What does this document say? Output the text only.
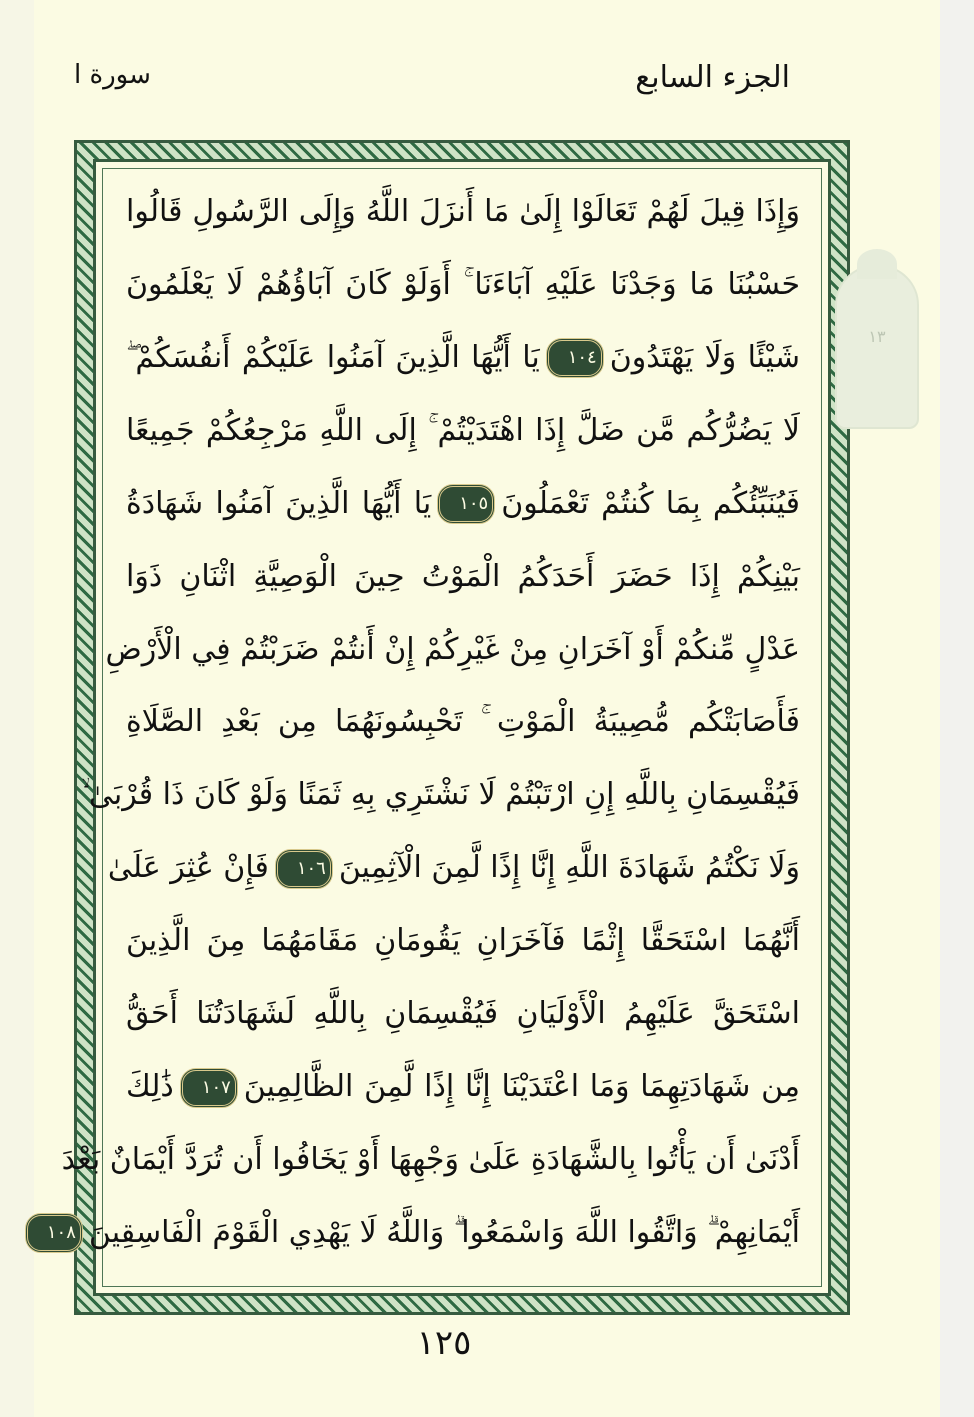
الجزء السابع
سورة ا
وَإِذَا قِيلَ لَهُمْ تَعَالَوْا إِلَىٰ مَا أَنزَلَ اللَّهُ وَإِلَى الرَّسُولِ قَالُوا
حَسْبُنَا مَا وَجَدْنَا عَلَيْهِ آبَاءَنَا ۚ أَوَلَوْ كَانَ آبَاؤُهُمْ لَا يَعْلَمُونَ
شَيْئًا وَلَا يَهْتَدُونَ١٠٤يَا أَيُّهَا الَّذِينَ آمَنُوا عَلَيْكُمْ أَنفُسَكُمْ ۖ
لَا يَضُرُّكُم مَّن ضَلَّ إِذَا اهْتَدَيْتُمْ ۚ إِلَى اللَّهِ مَرْجِعُكُمْ جَمِيعًا
فَيُنَبِّئُكُم بِمَا كُنتُمْ تَعْمَلُونَ١٠٥يَا أَيُّهَا الَّذِينَ آمَنُوا شَهَادَةُ
بَيْنِكُمْ إِذَا حَضَرَ أَحَدَكُمُ الْمَوْتُ حِينَ الْوَصِيَّةِ اثْنَانِ ذَوَا
عَدْلٍ مِّنكُمْ أَوْ آخَرَانِ مِنْ غَيْرِكُمْ إِنْ أَنتُمْ ضَرَبْتُمْ فِي الْأَرْضِ
فَأَصَابَتْكُم مُّصِيبَةُ الْمَوْتِ ۚ تَحْبِسُونَهُمَا مِن بَعْدِ الصَّلَاةِ
فَيُقْسِمَانِ بِاللَّهِ إِنِ ارْتَبْتُمْ لَا نَشْتَرِي بِهِ ثَمَنًا وَلَوْ كَانَ ذَا قُرْبَىٰ ۙ
وَلَا نَكْتُمُ شَهَادَةَ اللَّهِ إِنَّا إِذًا لَّمِنَ الْآثِمِينَ١٠٦فَإِنْ عُثِرَ عَلَىٰ
أَنَّهُمَا اسْتَحَقَّا إِثْمًا فَآخَرَانِ يَقُومَانِ مَقَامَهُمَا مِنَ الَّذِينَ
اسْتَحَقَّ عَلَيْهِمُ الْأَوْلَيَانِ فَيُقْسِمَانِ بِاللَّهِ لَشَهَادَتُنَا أَحَقُّ
مِن شَهَادَتِهِمَا وَمَا اعْتَدَيْنَا إِنَّا إِذًا لَّمِنَ الظَّالِمِينَ١٠٧ذَٰلِكَ
أَدْنَىٰ أَن يَأْتُوا بِالشَّهَادَةِ عَلَىٰ وَجْهِهَا أَوْ يَخَافُوا أَن تُرَدَّ أَيْمَانٌ بَعْدَ
أَيْمَانِهِمْ ۗ وَاتَّقُوا اللَّهَ وَاسْمَعُوا ۗ وَاللَّهُ لَا يَهْدِي الْقَوْمَ الْفَاسِقِينَ١٠٨
١٢٥
١٣
